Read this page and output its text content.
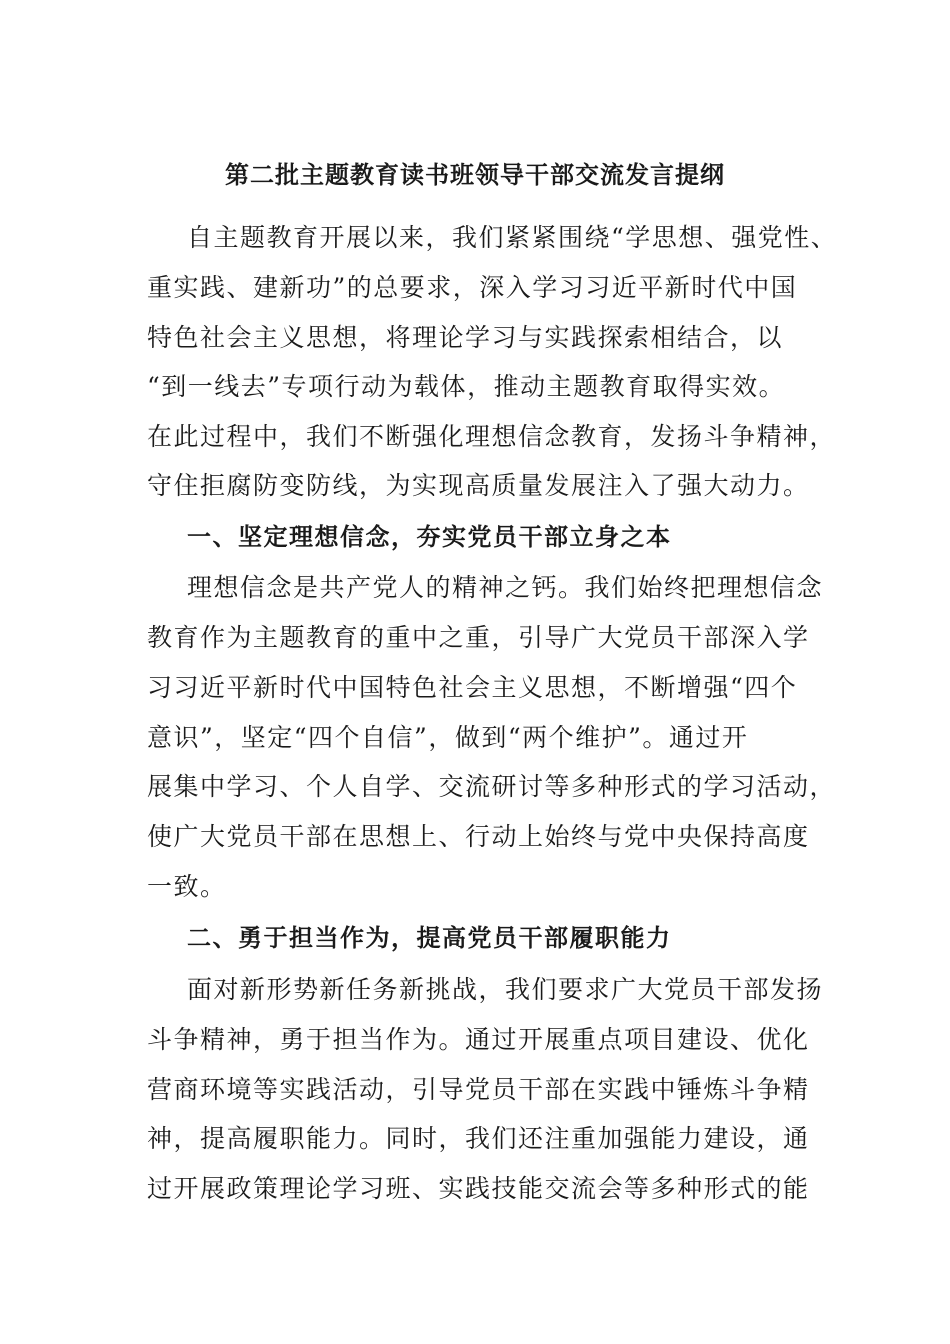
第二批主题教育读书班领导干部交流发言提纲
自主题教育开展以来，我们紧紧围绕“学思想、强党性、
重实践、建新功”的总要求，深入学习习近平新时代中国
特色社会主义思想，将理论学习与实践探索相结合，以
“到一线去”专项行动为载体，推动主题教育取得实效。
在此过程中，我们不断强化理想信念教育，发扬斗争精神，
守住拒腐防变防线，为实现高质量发展注入了强大动力。
一、坚定理想信念，夯实党员干部立身之本
理想信念是共产党人的精神之钙。我们始终把理想信念
教育作为主题教育的重中之重，引导广大党员干部深入学
习习近平新时代中国特色社会主义思想，不断增强“四个
意识”，坚定“四个自信”，做到“两个维护”。通过开
展集中学习、个人自学、交流研讨等多种形式的学习活动，
使广大党员干部在思想上、行动上始终与党中央保持高度
一致。
二、勇于担当作为，提高党员干部履职能力
面对新形势新任务新挑战，我们要求广大党员干部发扬
斗争精神，勇于担当作为。通过开展重点项目建设、优化
营商环境等实践活动，引导党员干部在实践中锤炼斗争精
神，提高履职能力。同时，我们还注重加强能力建设，通
过开展政策理论学习班、实践技能交流会等多种形式的能
